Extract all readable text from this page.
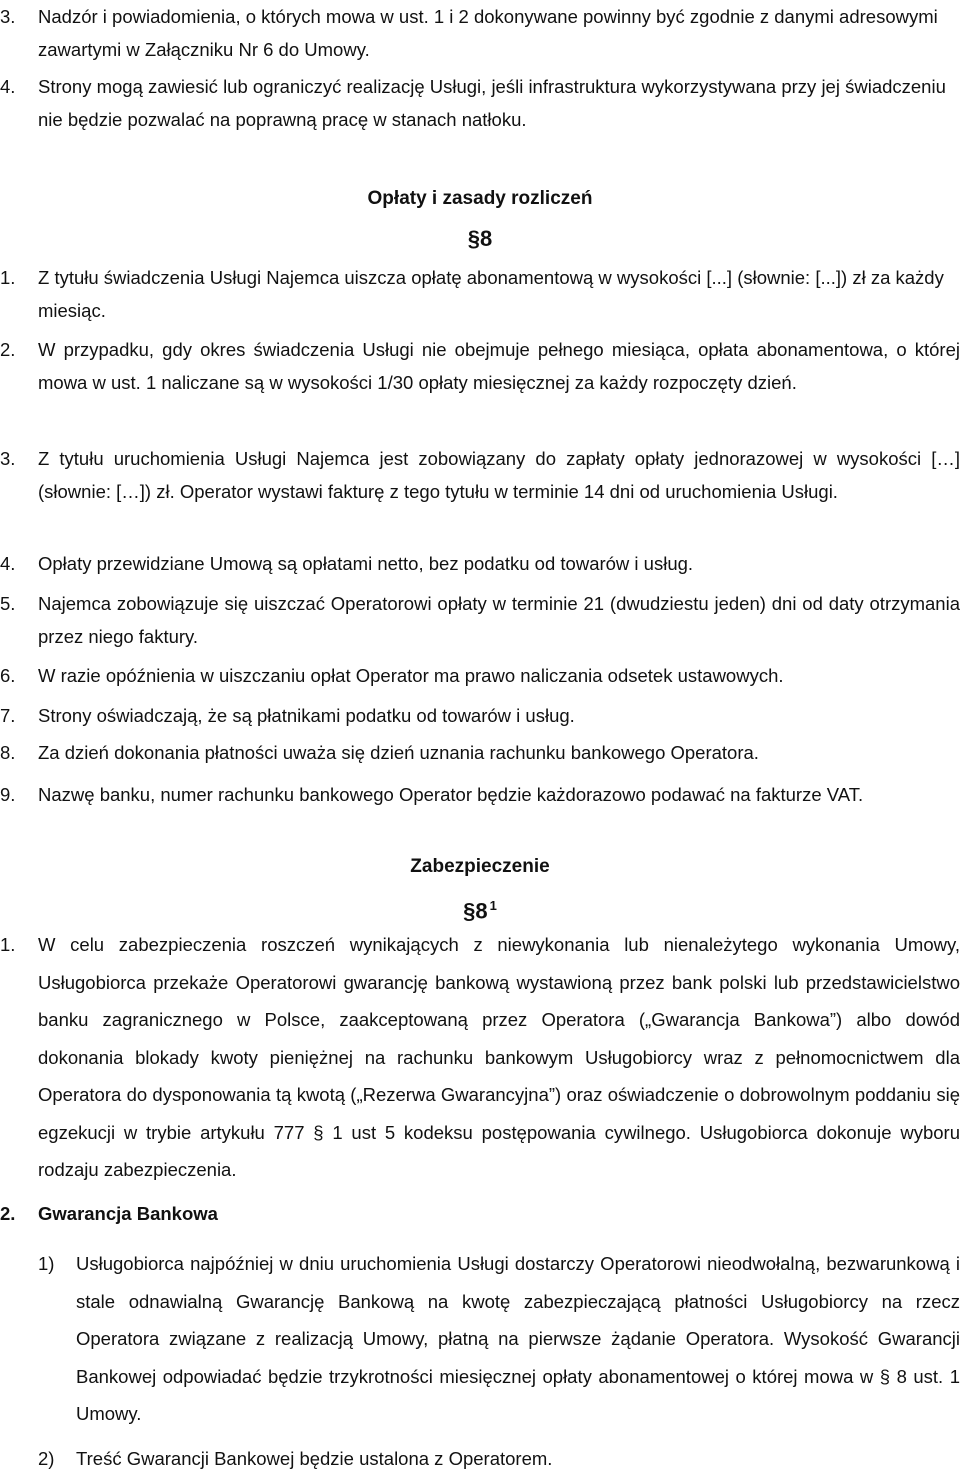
3.	Nadzór i powiadomienia, o których mowa w ust. 1 i 2 dokonywane powinny być zgodnie z danymi adresowymi zawartymi w Załączniku Nr 6 do Umowy.
4.	Strony mogą zawiesić lub ograniczyć realizację Usługi, jeśli infrastruktura wykorzystywana przy jej świadczeniu nie będzie pozwalać na poprawną pracę w stanach natłoku.
Opłaty i zasady rozliczeń
§8
1.	Z tytułu świadczenia Usługi Najemca uiszcza opłatę abonamentową w wysokości [...] (słownie: [...]) zł za każdy miesiąc.
2.	W przypadku, gdy okres świadczenia Usługi nie obejmuje pełnego miesiąca, opłata abonamentowa, o której mowa w ust. 1 naliczane są w wysokości 1/30 opłaty miesięcznej za każdy rozpoczęty dzień.
3.	Z tytułu uruchomienia Usługi Najemca jest zobowiązany do zapłaty opłaty jednorazowej w wysokości […] (słownie: […]) zł. Operator wystawi fakturę z tego tytułu w terminie 14 dni od uruchomienia Usługi.
4.	Opłaty przewidziane Umową są opłatami netto, bez podatku od towarów i usług.
5.	Najemca zobowiązuje się uiszczać Operatorowi opłaty w terminie 21 (dwudziestu jeden) dni od daty otrzymania przez niego faktury.
6.	W razie opóźnienia w uiszczaniu opłat Operator ma prawo naliczania odsetek ustawowych.
7.	Strony oświadczają, że są płatnikami podatku od towarów i usług.
8.	Za dzień dokonania płatności uważa się dzień uznania rachunku bankowego Operatora.
9.	Nazwę banku, numer rachunku bankowego Operator będzie każdorazowo podawać na fakturze VAT.
Zabezpieczenie
§8 $^1$
1.	W celu zabezpieczenia roszczeń wynikających z niewykonania lub nienależytego wykonania Umowy, Usługobiorca przekaże Operatorowi gwarancję bankową wystawioną przez bank polski lub przedstawicielstwo banku zagranicznego w Polsce, zaakceptowaną przez Operatora („Gwarancja Bankowa”) albo dowód dokonania blokady kwoty pieniężnej na rachunku bankowym Usługobiorcy wraz z pełnomocnictwem dla Operatora do dysponowania tą kwotą („Rezerwa Gwarancyjna”) oraz oświadczenie o dobrowolnym poddaniu się egzekucji w trybie artykułu 777 § 1 ust 5 kodeksu postępowania cywilnego. Usługobiorca dokonuje wyboru rodzaju zabezpieczenia.
2.	Gwarancja Bankowa
1)	Usługobiorca najpóźniej w dniu uruchomienia Usługi dostarczy Operatorowi nieodwołalną, bezwarunkową i stale odnawialną Gwarancję Bankową na kwotę zabezpieczającą płatności Usługobiorcy na rzecz Operatora związane z realizacją Umowy, płatną na pierwsze żądanie Operatora. Wysokość Gwarancji Bankowej odpowiadać będzie trzykrotności miesięcznej opłaty abonamentowej o której mowa w § 8 ust. 1 Umowy.
2)	Treść Gwarancji Bankowej będzie ustalona z Operatorem.
